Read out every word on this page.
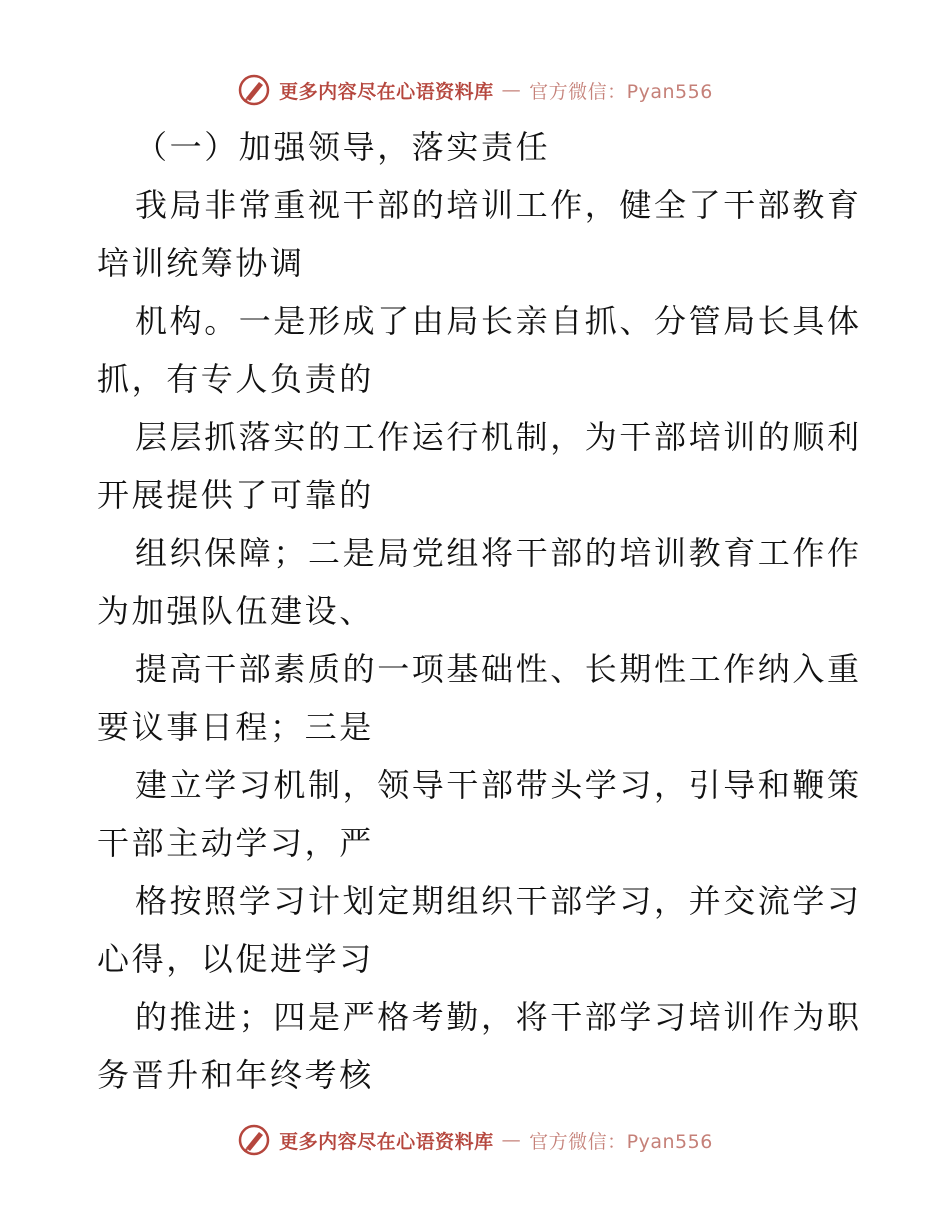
更多内容尽在心语资料库 — 官方微信：Pyan556
（一）加强领导，落实责任
我局非常重视干部的培训工作，健全了干部教育
培训统筹协调
机构。一是形成了由局长亲自抓、分管局长具体
抓，有专人负责的
层层抓落实的工作运行机制，为干部培训的顺利
开展提供了可靠的
组织保障；二是局党组将干部的培训教育工作作
为加强队伍建设、
提高干部素质的一项基础性、长期性工作纳入重
要议事日程；三是
建立学习机制，领导干部带头学习，引导和鞭策
干部主动学习，严
格按照学习计划定期组织干部学习，并交流学习
心得，以促进学习
的推进；四是严格考勤，将干部学习培训作为职
务晋升和年终考核
更多内容尽在心语资料库 — 官方微信：Pyan556
